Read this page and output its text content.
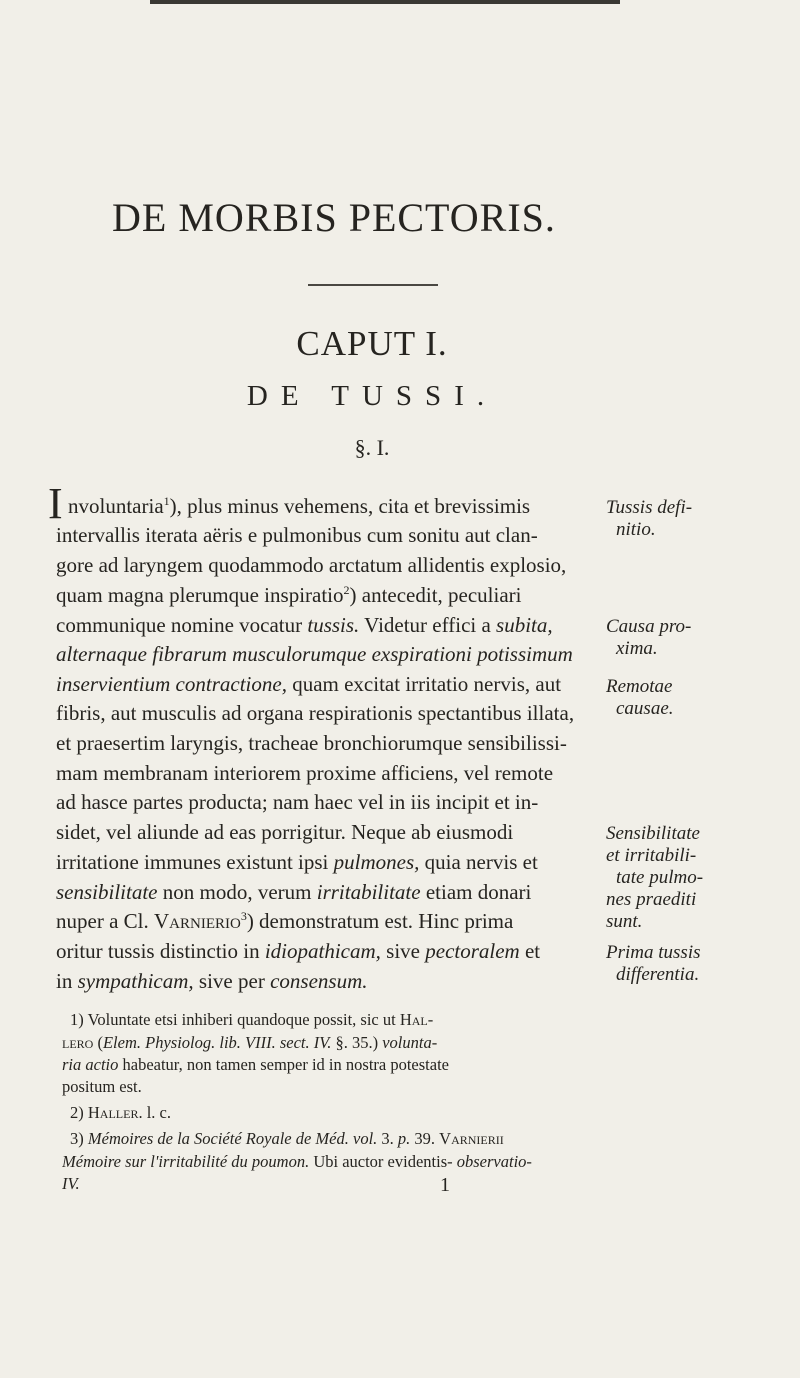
DE MORBIS PECTORIS.
CAPUT I.
DE TUSSI.
§. I.
I nvoluntaria$^1$), plus minus vehemens, cita et brevissimis
intervallis iterata aëris e pulmonibus cum sonitu aut clan-
gore ad laryngem quodammodo arctatum allidentis explosio,
quam magna plerumque inspiratio$^2$) antecedit, peculiari
communique nomine vocatur tussis. Videtur effici a subita,
alternaque fibrarum musculorumque exspirationi potissimum
inservientium contractione, quam excitat irritatio nervis, aut
fibris, aut musculis ad organa respirationis spectantibus illata,
et praesertim laryngis, tracheae bronchiorumque sensibilissi-
mam membranam interiorem proxime afficiens, vel remote
ad hasce partes producta; nam haec vel in iis incipit et in-
sidet, vel aliunde ad eas porrigitur. Neque ab eiusmodi
irritatione immunes existunt ipsi pulmones, quia nervis et
sensibilitate non modo, verum irritabilitate etiam donari
nuper a Cl. Varnierio$^3$) demonstratum est. Hinc prima
oritur tussis distinctio in idiopathicam, sive pectoralem et
in sympathicam, sive per consensum.
Tussis defi-
nitio.
Causa pro-
xima.
Remotae
causae.
Sensibilitate
et irritabili-
tate pulmo-
nes praediti
sunt.
Prima tussis
differentia.
1) Voluntate etsi inhiberi quandoque possit, sic ut Hal-
lero (Elem. Physiolog. lib. VIII. sect. IV. §. 35.) volunta-
ria actio habeatur, non tamen semper id in nostra potestate
positum est.
2) Haller. l. c.
3) Mémoires de la Société Royale de Méd. vol. 3. p. 39. Varnierii
Mémoire sur l'irritabilité du poumon. Ubi auctor evidentis- observatio-
IV.	1
